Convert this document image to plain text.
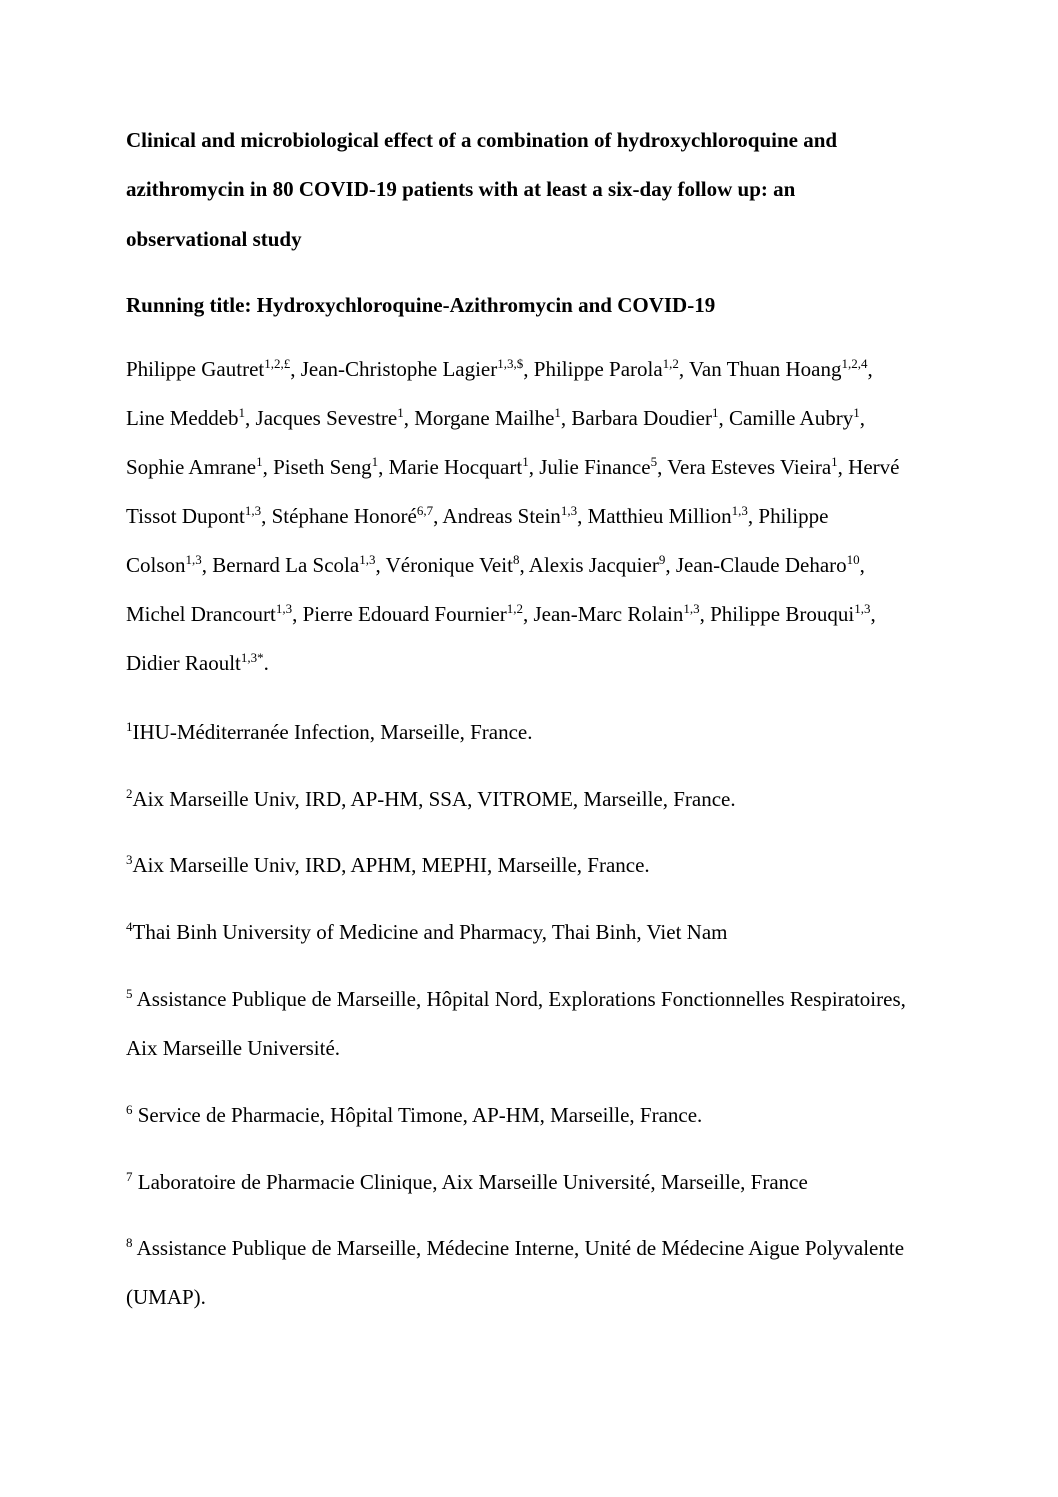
Clinical and microbiological effect of a combination of hydroxychloroquine and
azithromycin in 80 COVID-19 patients with at least a six-day follow up: an
observational study
Running title: Hydroxychloroquine-Azithromycin and COVID-19
Philippe Gautret$^{1,2,£}$, Jean-Christophe Lagier$^{1,3,\$}$, Philippe Parola$^{1,2}$, Van Thuan Hoang$^{1,2,4}$,
Line Meddeb$^1$, Jacques Sevestre$^1$, Morgane Mailhe$^1$, Barbara Doudier$^1$, Camille Aubry$^1$,
Sophie Amrane$^1$, Piseth Seng$^1$, Marie Hocquart$^1$, Julie Finance$^5$, Vera Esteves Vieira$^1$, Hervé
Tissot Dupont$^{1,3}$, Stéphane Honoré$^{6,7}$, Andreas Stein$^{1,3}$, Matthieu Million$^{1,3}$, Philippe
Colson$^{1,3}$, Bernard La Scola$^{1,3}$, Véronique Veit$^8$, Alexis Jacquier$^9$, Jean-Claude Deharo$^{10}$,
Michel Drancourt$^{1,3}$, Pierre Edouard Fournier$^{1,2}$, Jean-Marc Rolain$^{1,3}$, Philippe Brouqui$^{1,3}$,
Didier Raoult$^{1,3*}$.
$^1$IHU-Méditerranée Infection, Marseille, France.
$^2$Aix Marseille Univ, IRD, AP-HM, SSA, VITROME, Marseille, France.
$^3$Aix Marseille Univ, IRD, APHM, MEPHI, Marseille, France.
$^4$Thai Binh University of Medicine and Pharmacy, Thai Binh, Viet Nam
$^5$ Assistance Publique de Marseille, Hôpital Nord, Explorations Fonctionnelles Respiratoires,
Aix Marseille Université.
$^6$ Service de Pharmacie, Hôpital Timone, AP-HM, Marseille, France.
$^7$ Laboratoire de Pharmacie Clinique, Aix Marseille Université, Marseille, France
$^8$ Assistance Publique de Marseille, Médecine Interne, Unité de Médecine Aigue Polyvalente
(UMAP).
